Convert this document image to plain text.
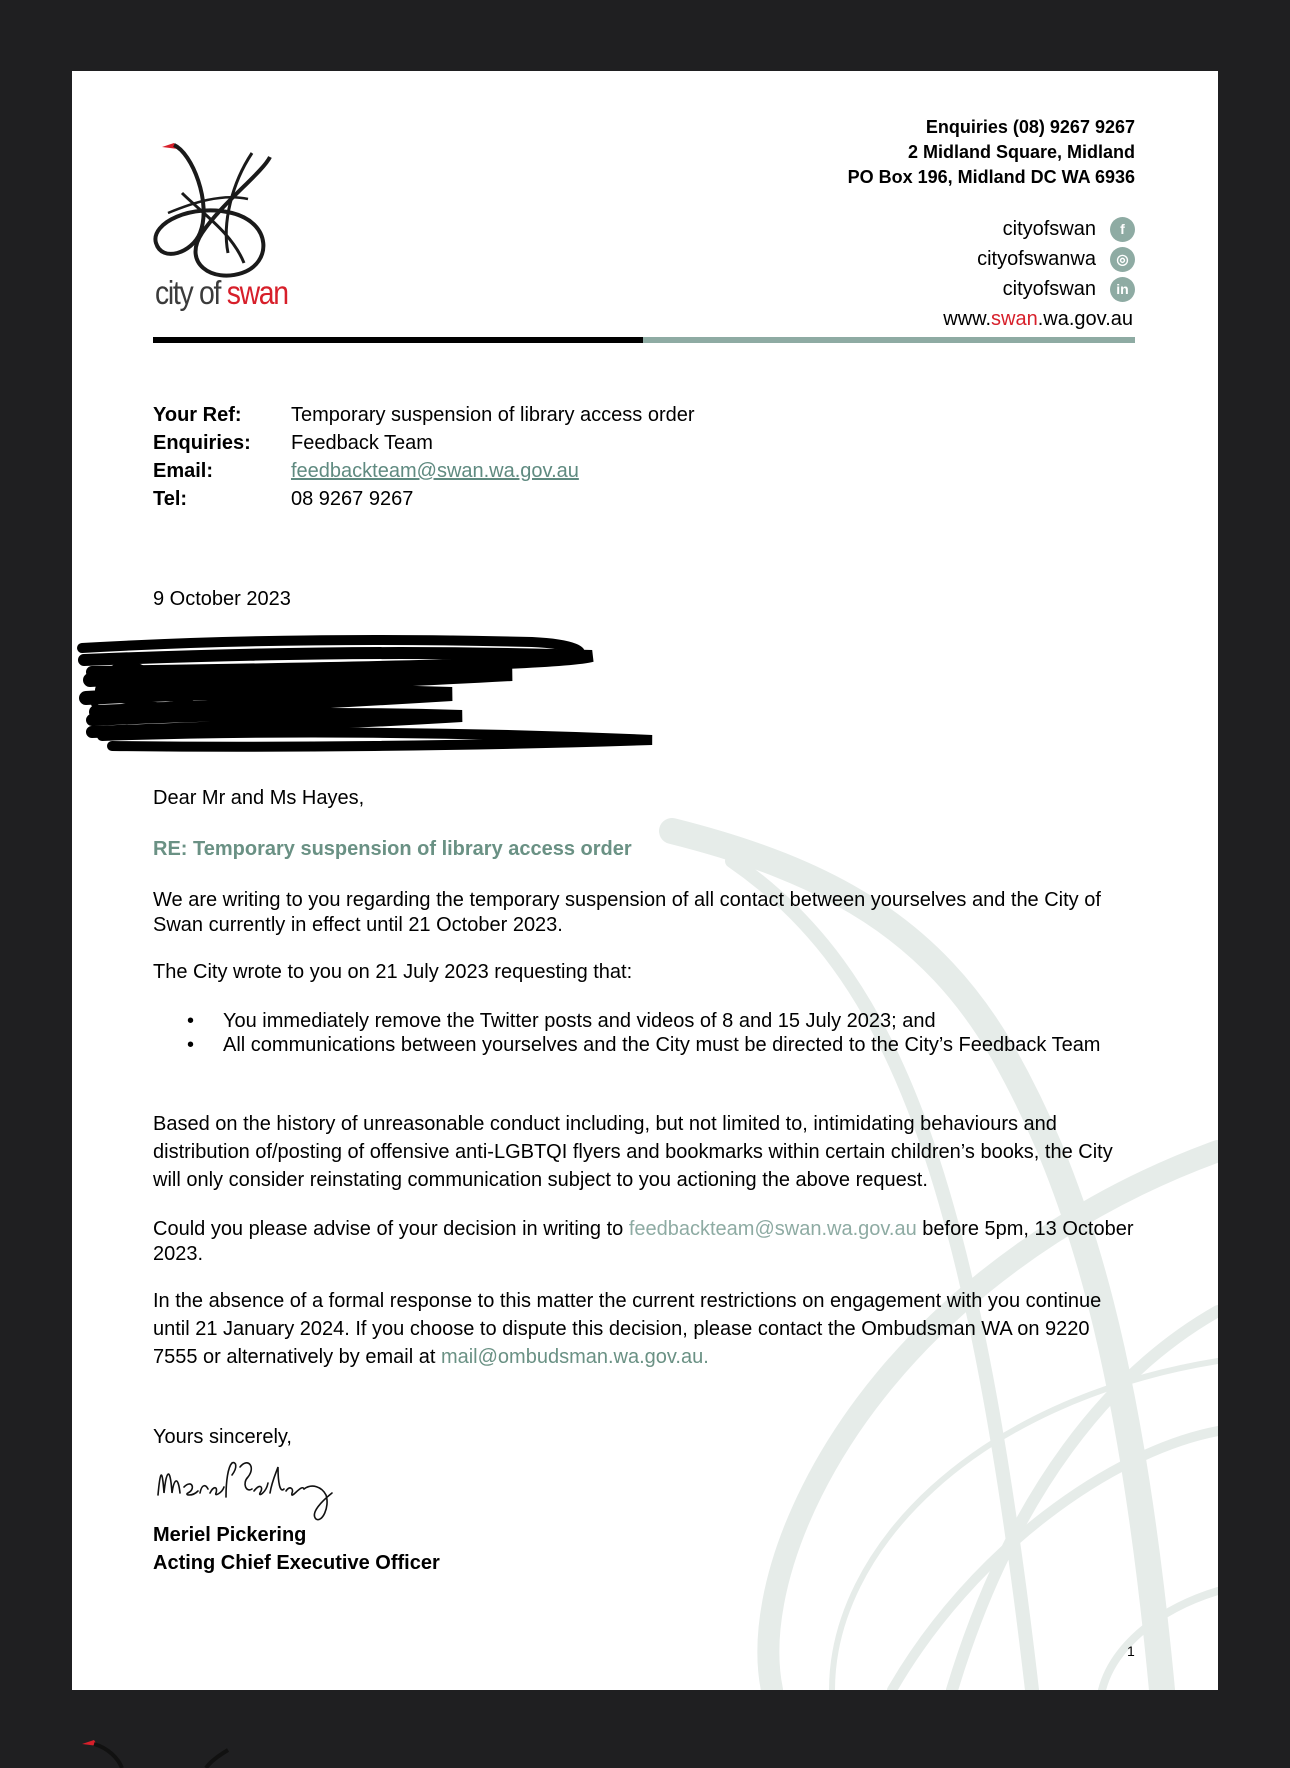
city of swan
Enquiries (08) 9267 9267
2 Midland Square, Midland
PO Box 196, Midland DC WA 6936
cityofswan	f
cityofswanwa	◎
cityofswan	in
www. swan .wa.gov.au
Your Ref:	Temporary suspension of library access order
Enquiries:	Feedback Team
Email:	feedbackteam@swan.wa.gov.au
Tel:	08 9267 9267
9 October 2023
Dear Mr and Ms Hayes,
RE: Temporary suspension of library access order
We are writing to you regarding the temporary suspension of all contact between yourselves and the City of Swan currently in effect until 21 October 2023.
The City wrote to you on 21 July 2023 requesting that:
• You immediately remove the Twitter posts and videos of 8 and 15 July 2023; and
• All communications between yourselves and the City must be directed to the City’s Feedback Team
Based on the history of unreasonable conduct including, but not limited to, intimidating behaviours and distribution of/posting of offensive anti-LGBTQI flyers and bookmarks within certain children’s books, the City will only consider reinstating communication subject to you actioning the above request.
Could you please advise of your decision in writing to feedbackteam@swan.wa.gov.au before 5pm, 13 October 2023.
In the absence of a formal response to this matter the current restrictions on engagement with you continue until 21 January 2024. If you choose to dispute this decision, please contact the Ombudsman WA on 9220 7555 or alternatively by email at mail@ombudsman.wa.gov.au.
Yours sincerely,
Meriel Pickering
Acting Chief Executive Officer
1
